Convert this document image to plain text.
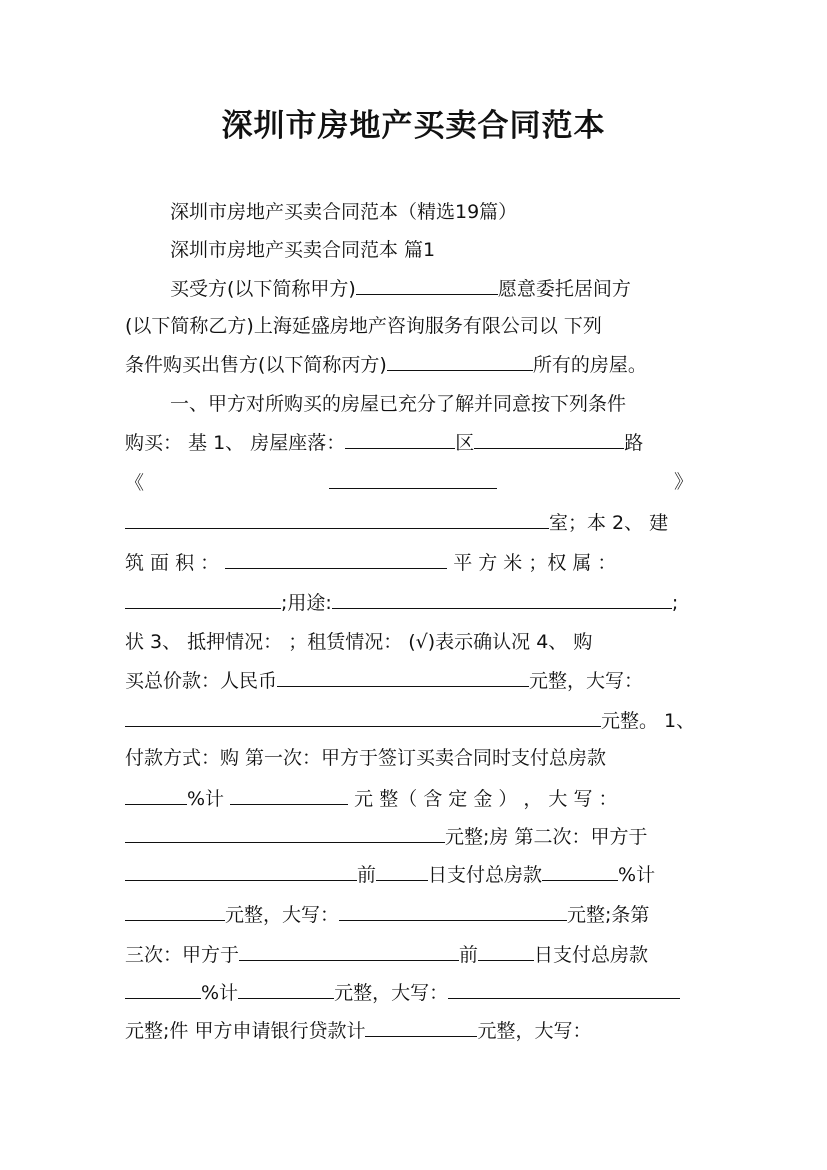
深圳市房地产买卖合同范本
深圳市房地产买卖合同范本（精选19篇）
深圳市房地产买卖合同范本 篇1
买受方(以下简称甲方)	愿意委托居间方
(以下简称乙方)上海延盛房地产咨询服务有限公司以 下列
条件购买出售方(以下简称丙方)	所有的房屋。
一、甲方对所购买的房屋已充分了解并同意按下列条件
购买： 基 1、 房屋座落：	区	路
《	》
室；本 2、 建
筑 面 积 ：	平 方 米 ；权 属 ：
;用途:	;
状 3、 抵押情况： ；租赁情况： (√)表示确认况 4、 购
买总价款：人民币	元整，大写：
元整。 1、
付款方式：购 第一次：甲方于签订买卖合同时支付总房款
%计	元 整（ 含 定 金 ） ， 大 写 ：
元整;房 第二次：甲方于
前	日支付总房款	%计
元整，大写：	元整;条第
三次：甲方于	前	日支付总房款
%计	元整，大写：
元整;件 甲方申请银行贷款计	元整，大写：
